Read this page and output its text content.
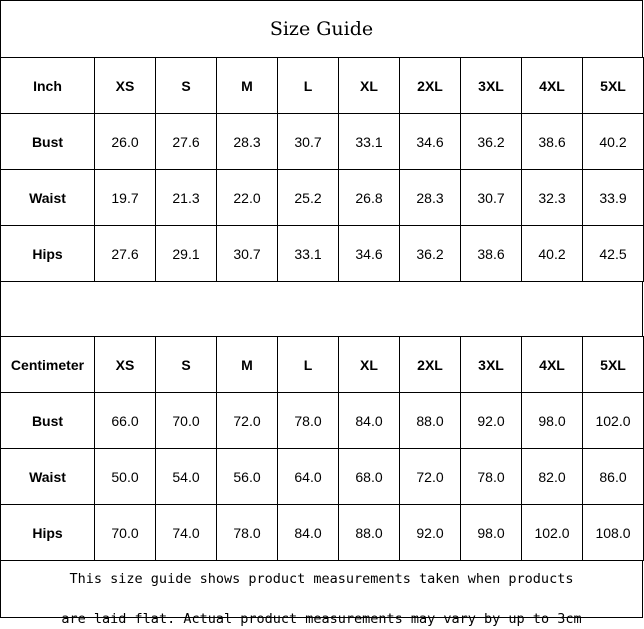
Size Guide
Inch	XS	S	M	L	XL	2XL	3XL	4XL	5XL
Bust	26.0	27.6	28.3	30.7	33.1	34.6	36.2	38.6	40.2
Waist	19.7	21.3	22.0	25.2	26.8	28.3	30.7	32.3	33.9
Hips	27.6	29.1	30.7	33.1	34.6	36.2	38.6	40.2	42.5
Centimeter	XS	S	M	L	XL	2XL	3XL	4XL	5XL
Bust	66.0	70.0	72.0	78.0	84.0	88.0	92.0	98.0	102.0
Waist	50.0	54.0	56.0	64.0	68.0	72.0	78.0	82.0	86.0
Hips	70.0	74.0	78.0	84.0	88.0	92.0	98.0	102.0	108.0

This size guide shows product measurements taken when products

are laid flat. Actual product measurements may vary by up to 3cm
